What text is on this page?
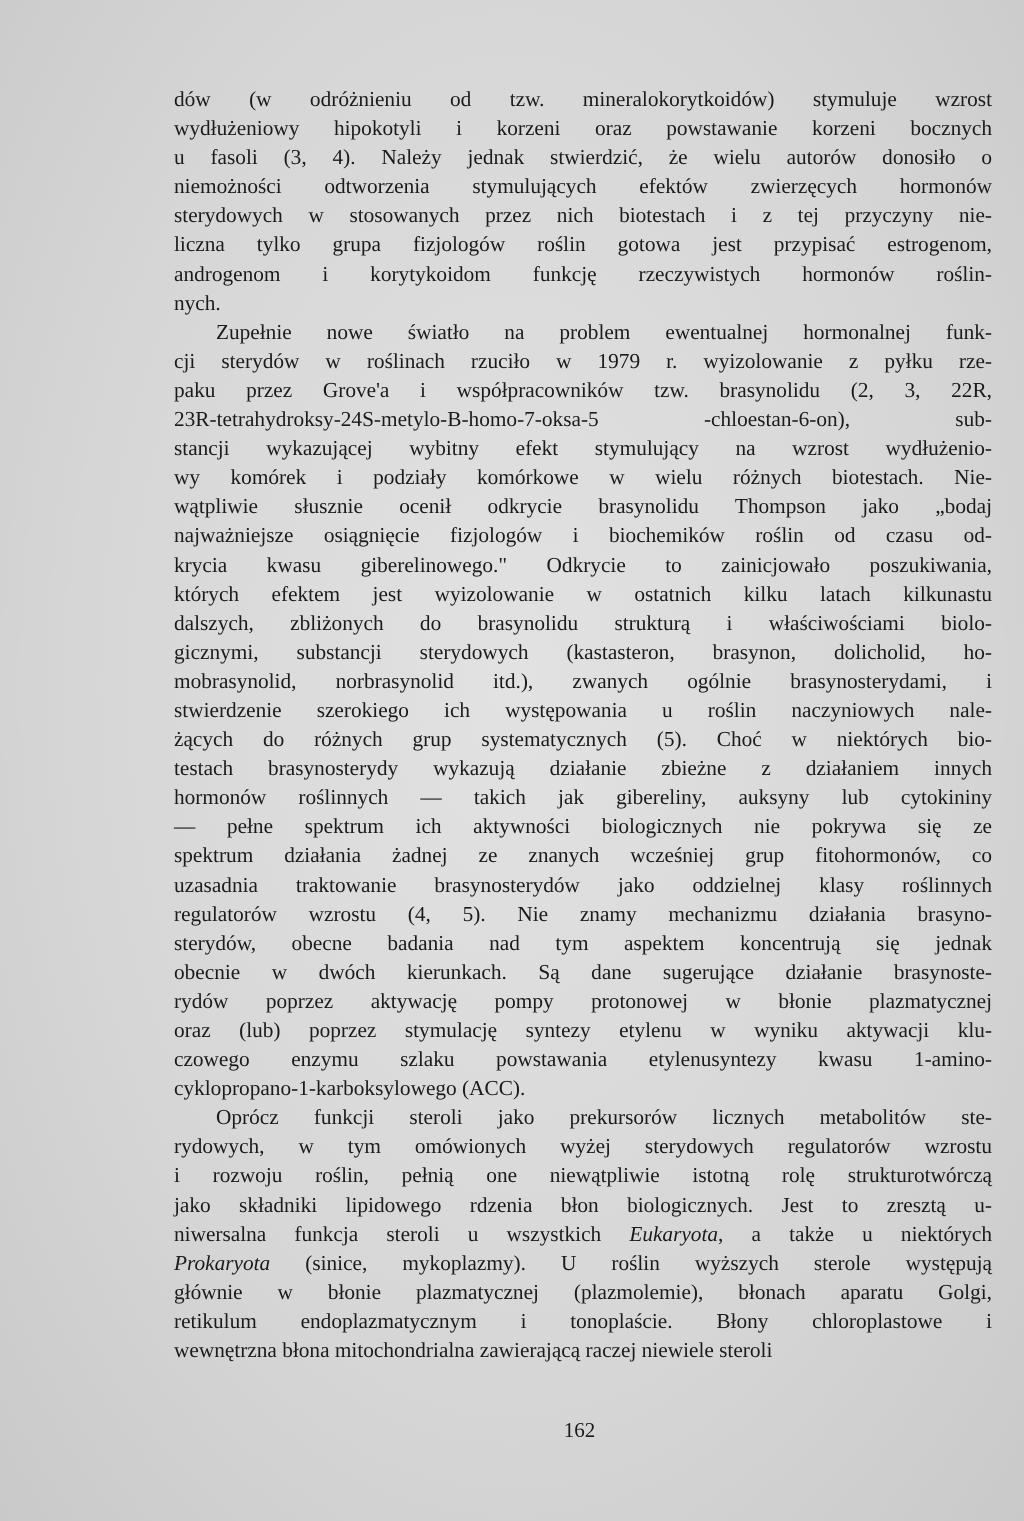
dów (w odróżnieniu od tzw. mineralokorytkoidów) stymuluje wzrost
wydłużeniowy hipokotyli i korzeni oraz powstawanie korzeni bocznych
u fasoli (3, 4). Należy jednak stwierdzić, że wielu autorów donosiło o
niemożności odtworzenia stymulujących efektów zwierzęcych hormonów
sterydowych w stosowanych przez nich biotestach i z tej przyczyny nie-
liczna tylko grupa fizjologów roślin gotowa jest przypisać estrogenom,
androgenom i korytykoidom funkcję rzeczywistych hormonów roślin-
nych.
Zupełnie nowe światło na problem ewentualnej hormonalnej funk-
cji sterydów w roślinach rzuciło w 1979 r. wyizolowanie z pyłku rze-
paku przez Grove'a i współpracowników tzw. brasynolidu (2, 3, 22R,
23R-tetrahydroksy-24S-metylo-B-homo-7-oksa-5 -chloestan-6-on), sub-
stancji wykazującej wybitny efekt stymulujący na wzrost wydłużenio-
wy komórek i podziały komórkowe w wielu różnych biotestach. Nie-
wątpliwie słusznie ocenił odkrycie brasynolidu Thompson jako „bodaj
najważniejsze osiągnięcie fizjologów i biochemików roślin od czasu od-
krycia kwasu giberelinowego." Odkrycie to zainicjowało poszukiwania,
których efektem jest wyizolowanie w ostatnich kilku latach kilkunastu
dalszych, zbliżonych do brasynolidu strukturą i właściwościami biolo-
gicznymi, substancji sterydowych (kastasteron, brasynon, dolicholid, ho-
mobrasynolid, norbrasynolid itd.), zwanych ogólnie brasynosterydami, i
stwierdzenie szerokiego ich występowania u roślin naczyniowych nale-
żących do różnych grup systematycznych (5). Choć w niektórych bio-
testach brasynosterydy wykazują działanie zbieżne z działaniem innych
hormonów roślinnych — takich jak gibereliny, auksyny lub cytokininy
— pełne spektrum ich aktywności biologicznych nie pokrywa się ze
spektrum działania żadnej ze znanych wcześniej grup fitohormonów, co
uzasadnia traktowanie brasynosterydów jako oddzielnej klasy roślinnych
regulatorów wzrostu (4, 5). Nie znamy mechanizmu działania brasyno-
sterydów, obecne badania nad tym aspektem koncentrują się jednak
obecnie w dwóch kierunkach. Są dane sugerujące działanie brasynoste-
rydów poprzez aktywację pompy protonowej w błonie plazmatycznej
oraz (lub) poprzez stymulację syntezy etylenu w wyniku aktywacji klu-
czowego enzymu szlaku powstawania etylenusyntezy kwasu 1-amino-
cyklopropano-1-karboksylowego (ACC).
Oprócz funkcji steroli jako prekursorów licznych metabolitów ste-
rydowych, w tym omówionych wyżej sterydowych regulatorów wzrostu
i rozwoju roślin, pełnią one niewątpliwie istotną rolę strukturotwórczą
jako składniki lipidowego rdzenia błon biologicznych. Jest to zresztą u-
niwersalna funkcja steroli u wszystkich Eukaryota, a także u niektórych
Prokaryota (sinice, mykoplazmy). U roślin wyższych sterole występują
głównie w błonie plazmatycznej (plazmolemie), błonach aparatu Golgi,
retikulum endoplazmatycznym i tonoplaście. Błony chloroplastowe i
wewnętrzna błona mitochondrialna zawierającą raczej niewiele steroli
162
